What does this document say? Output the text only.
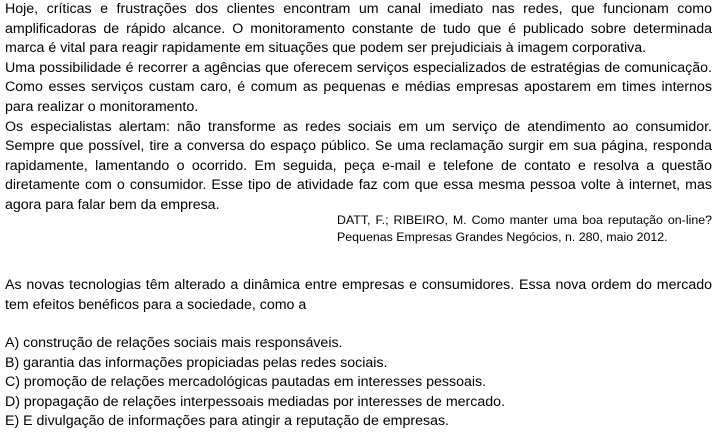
Hoje, críticas e frustrações dos clientes encontram um canal imediato nas redes, que funcionam como amplificadoras de rápido alcance. O monitoramento constante de tudo que é publicado sobre determinada marca é vital para reagir rapidamente em situações que podem ser prejudiciais à imagem corporativa.

Uma possibilidade é recorrer a agências que oferecem serviços especializados de estratégias de comunicação. Como esses serviços custam caro, é comum as pequenas e médias empresas apostarem em times internos para realizar o monitoramento.

Os especialistas alertam: não transforme as redes sociais em um serviço de atendimento ao consumidor. Sempre que possível, tire a conversa do espaço público. Se uma reclamação surgir em sua página, responda rapidamente, lamentando o ocorrido. Em seguida, peça e-mail e telefone de contato e resolva a questão diretamente com o consumidor. Esse tipo de atividade faz com que essa mesma pessoa volte à internet, mas agora para falar bem da empresa.

DATT, F.; RIBEIRO, M. Como manter uma boa reputação on-line? Pequenas Empresas Grandes Negócios, n. 280, maio 2012.
As novas tecnologias têm alterado a dinâmica entre empresas e consumidores. Essa nova ordem do mercado tem efeitos benéficos para a sociedade, como a
A) construção de relações sociais mais responsáveis.
B) garantia das informações propiciadas pelas redes sociais.
C) promoção de relações mercadológicas pautadas em interesses pessoais.
D) propagação de relações interpessoais mediadas por interesses de mercado.
E) E divulgação de informações para atingir a reputação de empresas.
